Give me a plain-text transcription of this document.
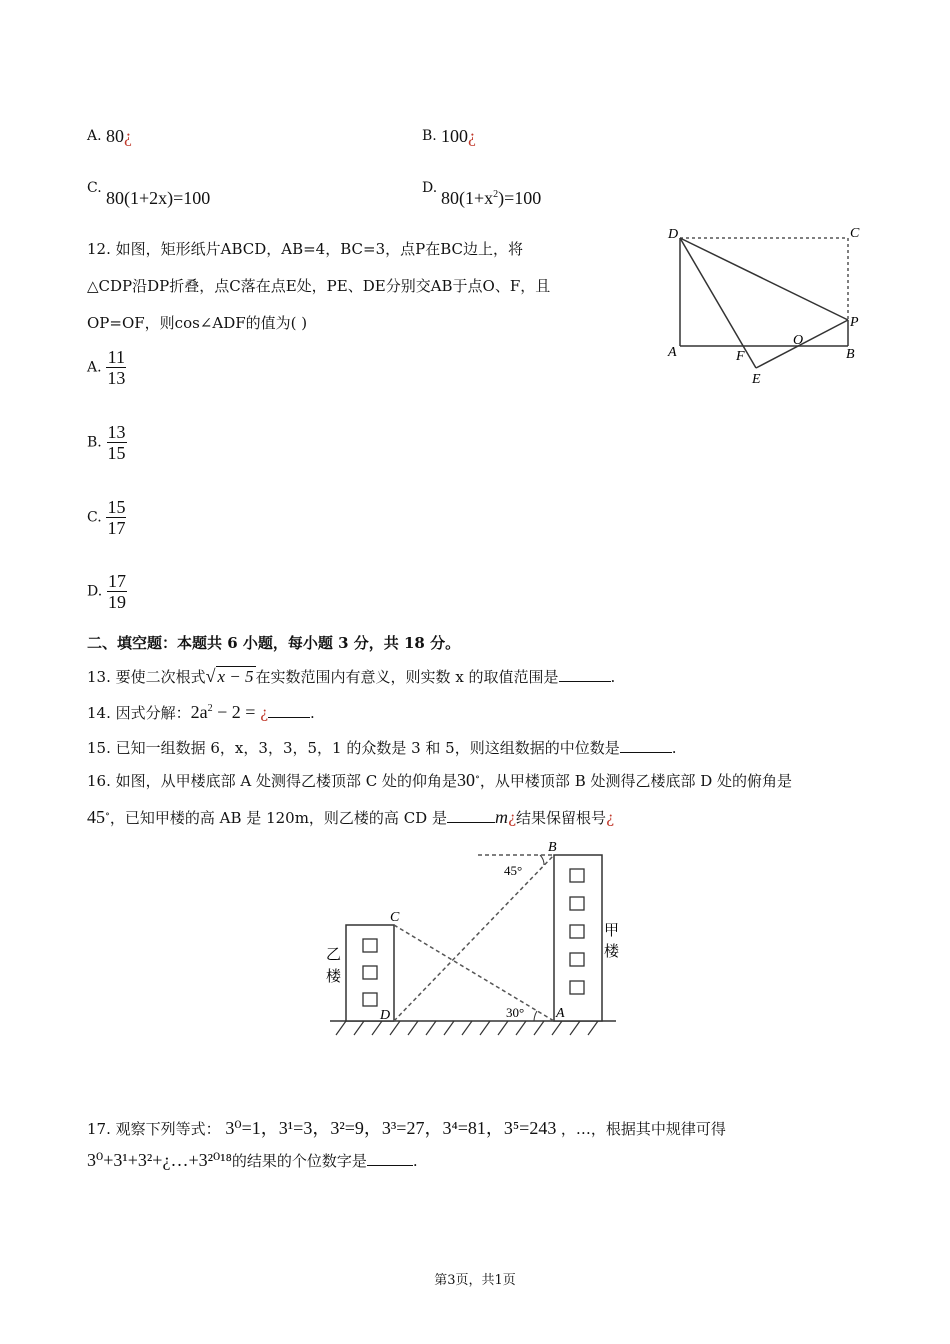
A. 80¿	B. 100¿
C. 80(1+2x)=100	D. $80(1+x^2)=100$
12. 如图，矩形纸片ABCD，AB=4，BC=3，点P在BC边上，将
△CDP沿DP折叠，点C落在点E处，PE、DE分别交AB于点O、F，且
OP=OF，则cos∠ADF的值为( )
A. $\frac{11}{13}$
B. $\frac{13}{15}$
C. $\frac{15}{17}$
D. $\frac{17}{19}$
D	C
P
A	F
O
B
E
二、填空题：本题共 6 小题，每小题 3 分，共 18 分。
13. 要使二次根式√ x − 5 在实数范围内有意义，则实数 x 的取值范围是	.
14. 因式分解：$2a^2 - 2$ = ¿	.
15. 已知一组数据 6，x，3，3，5，1 的众数是 3 和 5，则这组数据的中位数是	.
16. 如图，从甲楼底部 A 处测得乙楼顶部 C 处的仰角是30∘，从甲楼顶部 B 处测得乙楼底部 D 处的俯角是
45∘，已知甲楼的高 AB 是 120m，则乙楼的高 CD 是	m¿结果保留根号¿
45°
30°
B
A
C
D
乙
楼
甲
楼
17. 观察下列等式： 3⁰=1，3¹=3，3²=9，3³=27，3⁴=81，3⁵=243 ，…，根据其中规律可得
3⁰+3¹+3²+¿…+3²⁰¹⁸的结果的个位数字是	.
第3页，共1页
